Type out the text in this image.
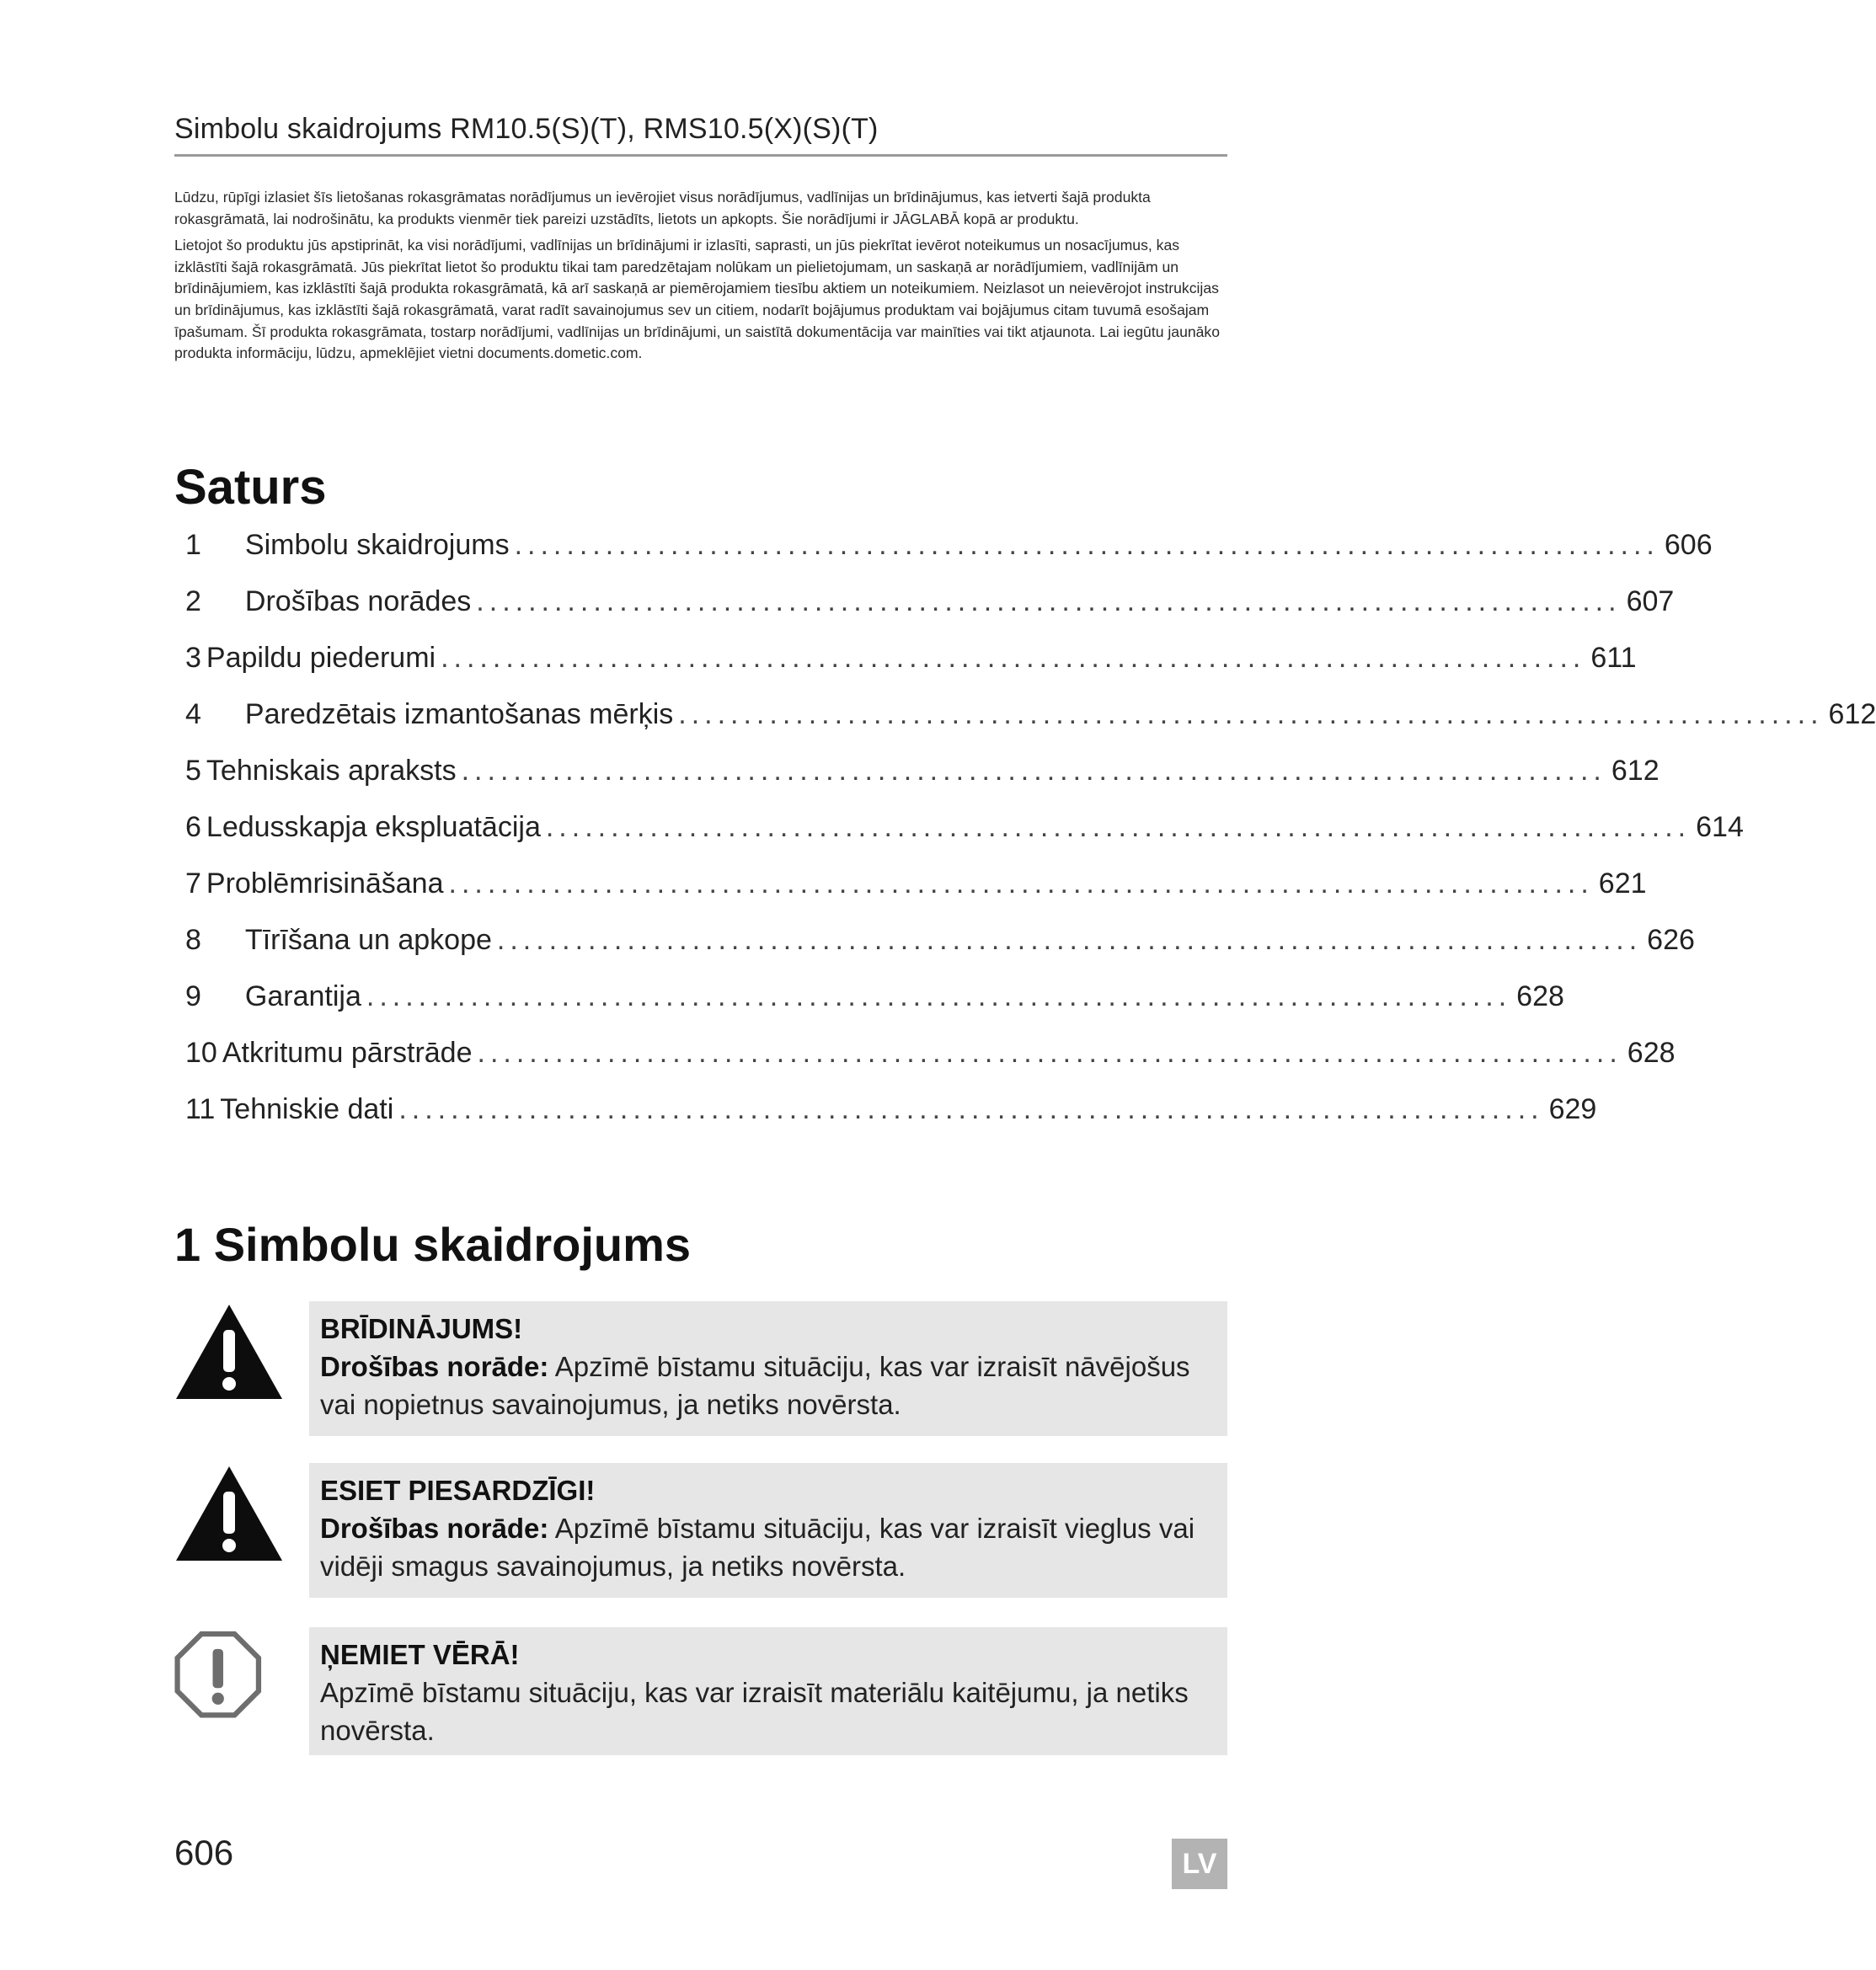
Simbolu skaidrojums RM10.5(S)(T), RMS10.5(X)(S)(T)

Lūdzu, rūpīgi izlasiet šīs lietošanas rokasgrāmatas norādījumus un ievērojiet visus norādījumus, vadlīnijas un brīdinājumus, kas ietverti šajā produkta rokasgrāmatā, lai nodrošinātu, ka produkts vienmēr tiek pareizi uzstādīts, lietots un apkopts. Šie norādījumi ir JĀGLABĀ kopā ar produktu.

Lietojot šo produktu jūs apstiprināt, ka visi norādījumi, vadlīnijas un brīdinājumi ir izlasīti, saprasti, un jūs piekrītat ievērot noteikumus un nosacījumus, kas izklāstīti šajā rokasgrāmatā. Jūs piekrītat lietot šo produktu tikai tam paredzētajam nolūkam un pielietojumam, un saskaņā ar norādījumiem, vadlīnijām un brīdinājumiem, kas izklāstīti šajā produkta rokasgrāmatā, kā arī saskaņā ar piemērojamiem tiesību aktiem un noteikumiem. Neizlasot un neievērojot instrukcijas un brīdinājumus, kas izklāstīti šajā rokasgrāmatā, varat radīt savainojumus sev un citiem, nodarīt bojājumus produktam vai bojājumus citam tuvumā esošajam īpašumam. Šī produkta rokasgrāmata, tostarp norādījumi, vadlīnijas un brīdinājumi, un saistītā dokumentācija var mainīties vai tikt atjaunota. Lai iegūtu jaunāko produkta informāciju, lūdzu, apmeklējiet vietni documents.dometic.com.

Saturs
1 Simbolu skaidrojums ........................................................................................ 606
2 Drošības norādes ........................................................................................ 607
3 Papildu piederumi ........................................................................................ 611
4 Paredzētais izmantošanas mērķis ........................................................................................ 612
5 Tehniskais apraksts ........................................................................................ 612
6 Ledusskapja ekspluatācija ........................................................................................ 614
7 Problēmrisināšana ........................................................................................ 621
8 Tīrīšana un apkope ........................................................................................ 626
9 Garantija ........................................................................................ 628
10 Atkritumu pārstrāde ........................................................................................ 628
11 Tehniskie dati ........................................................................................ 629
1 Simbolu skaidrojums
BRĪDINĀJUMS!
Drošības norāde: Apzīmē bīstamu situāciju, kas var izraisīt nāvējošus vai nopietnus savainojumus, ja netiks novērsta.
ESIET PIESARDZĪGI!
Drošības norāde: Apzīmē bīstamu situāciju, kas var izraisīt vieglus vai vidēji smagus savainojumus, ja netiks novērsta.
ŅEMIET VĒRĀ!
Apzīmē bīstamu situāciju, kas var izraisīt materiālu kaitējumu, ja netiks novērsta.
606	LV
